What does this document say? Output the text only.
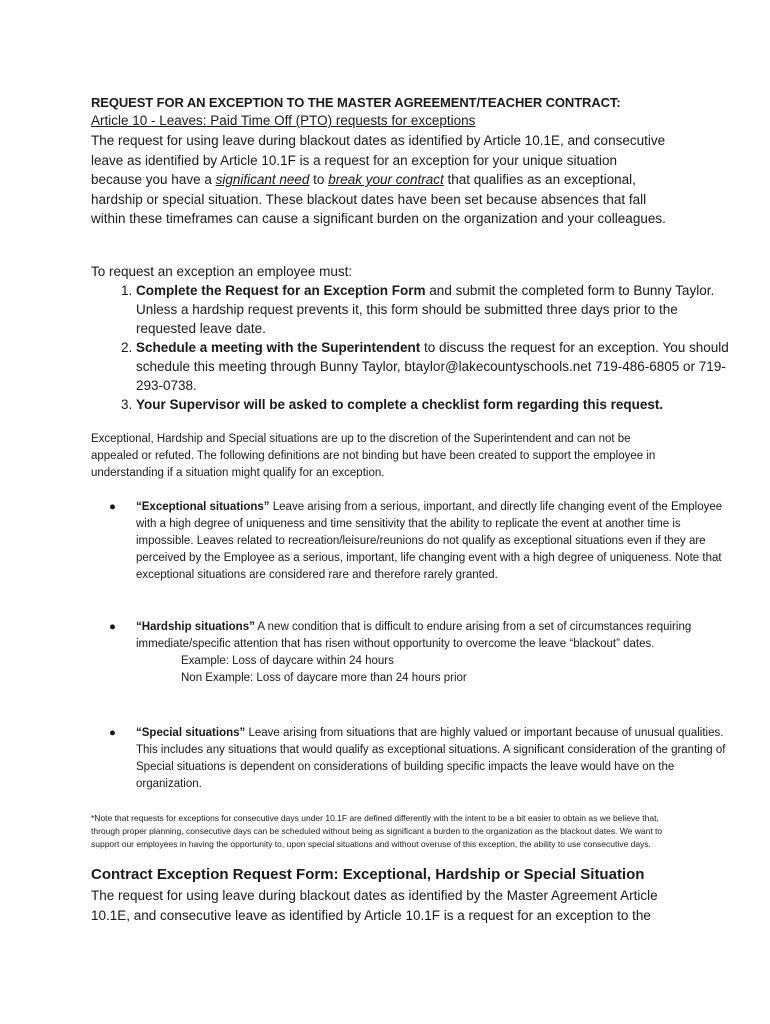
REQUEST FOR AN EXCEPTION TO THE MASTER AGREEMENT/TEACHER CONTRACT:
Article 10 - Leaves: Paid Time Off (PTO) requests for exceptions
The request for using leave during blackout dates as identified by Article 10.1E, and consecutive leave as identified by Article 10.1F is a request for an exception for your unique situation because you have a significant need to break your contract that qualifies as an exceptional, hardship or special situation. These blackout dates have been set because absences that fall within these timeframes can cause a significant burden on the organization and your colleagues.
To request an exception an employee must:
1. Complete the Request for an Exception Form and submit the completed form to Bunny Taylor. Unless a hardship request prevents it, this form should be submitted three days prior to the requested leave date.
2. Schedule a meeting with the Superintendent to discuss the request for an exception. You should schedule this meeting through Bunny Taylor, btaylor@lakecountyschools.net 719-486-6805 or 719-293-0738.
3. Your Supervisor will be asked to complete a checklist form regarding this request.
Exceptional, Hardship and Special situations are up to the discretion of the Superintendent and can not be appealed or refuted. The following definitions are not binding but have been created to support the employee in understanding if a situation might qualify for an exception.
● “Exceptional situations” Leave arising from a serious, important, and directly life changing event of the Employee with a high degree of uniqueness and time sensitivity that the ability to replicate the event at another time is impossible. Leaves related to recreation/leisure/reunions do not qualify as exceptional situations even if they are perceived by the Employee as a serious, important, life changing event with a high degree of uniqueness. Note that exceptional situations are considered rare and therefore rarely granted.
● “Hardship situations” A new condition that is difficult to endure arising from a set of circumstances requiring immediate/specific attention that has risen without opportunity to overcome the leave “blackout” dates.
Example: Loss of daycare within 24 hours
Non Example: Loss of daycare more than 24 hours prior
● “Special situations” Leave arising from situations that are highly valued or important because of unusual qualities. This includes any situations that would qualify as exceptional situations. A significant consideration of the granting of Special situations is dependent on considerations of building specific impacts the leave would have on the organization.
*Note that requests for exceptions for consecutive days under 10.1F are defined differently with the intent to be a bit easier to obtain as we believe that, through proper planning, consecutive days can be scheduled without being as significant a burden to the organization as the blackout dates. We want to support our employees in having the opportunity to, upon special situations and without overuse of this exception, the ability to use consecutive days.
Contract Exception Request Form: Exceptional, Hardship or Special Situation
The request for using leave during blackout dates as identified by the Master Agreement Article 10.1E, and consecutive leave as identified by Article 10.1F is a request for an exception to the
